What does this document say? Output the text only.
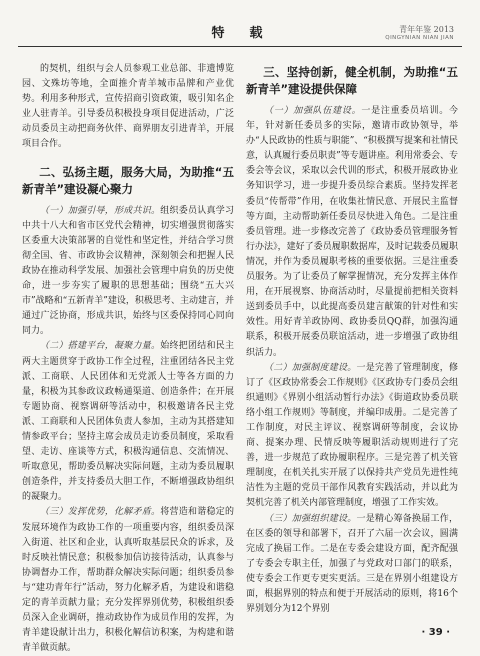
特　载	青年年鉴 2013
QINGYNIAN NIAN JIAN

的契机，组织与会人员参观工业总部、非遗博览园、文殊坊等地，全面推介青羊城市品牌和产业优势。利用多种形式，宣传招商引资政策，吸引知名企业人驻青羊。引导委员积极投身项目促进活动，广泛动员委员主动把商务伙伴、商界朋友引进青羊，开展项目合作。

二、弘扬主题，服务大局，为助推“五新青羊”建设凝心聚力

（一）加强引导，形成共识。组织委员认真学习中共十八大和省市区党代会精神，切实增强贯彻落实区委重大决策部署的自觉性和坚定性，并结合学习贯彻全国、省、市政协会议精神，深刻领会和把握人民政协在推动科学发展、加强社会管理中肩负的历史使命，进一步夯实了履职的思想基础；围绕“五大兴市”战略和“五新青羊”建设，积极思考、主动建言，并通过广泛协商，形成共识，始终与区委保持同心同向同力。

（二）搭建平台，凝聚力量。始终把团结和民主两大主题贯穿于政协工作全过程，注重团结各民主党派、工商联、人民团体和无党派人士等各方面的力量，积极为其参政议政畅通渠道、创造条件；在开展专题协商、视察调研等活动中，积极邀请各民主党派、工商联和人民团体负责人参加，主动为其搭建知情参政平台；坚持主席会成员走访委员制度，采取看望、走访、座谈等方式，积极沟通信息、交流情况、听取意见，帮助委员解决实际问题，主动为委员履职创造条件，并支持委员大胆工作，不断增强政协组织的凝聚力。

（三）发挥优势，化解矛盾。将营造和谐稳定的发展环境作为政协工作的一项重要内容，组织委员深入街道、社区和企业，认真听取基层民众的诉求，及时反映社情民意；积极参加信访接待活动，认真参与协调督办工作，帮助群众解决实际问题；组织委员参与“建功青年行”活动，努力化解矛盾，为建设和谐稳定的青羊贡献力量；充分发挥界别优势，积极组织委员深入企业调研，推动政协作为成员作用的发挥，为青羊建设献计出力，积极化解信访积案，为构建和谐青羊做贡献。

三、坚持创新，健全机制，为助推“五新青羊”建设提供保障

（一）加强队伍建设。一是注重委员培训。今年，针对新任委员多的实际，邀请市政协领导，举办“人民政协的性质与职能”、“积极撰写提案和社情民意，认真履行委员职责”等专题讲座。利用常委会、专委会等会议，采取以会代训的形式，积极开展政协业务知识学习，进一步提升委员综合素质。坚持发挥老委员“传帮带”作用，在收集社情民意、开展民主监督等方面，主动帮助新任委员尽快进入角色。二是注重委员管理。进一步修改完善了《政协委员管理服务暂行办法》，建好了委员履职数据库，及时记载委员履职情况，并作为委员履职考核的重要依据。三是注重委员服务。为了让委员了解掌握情况，充分发挥主体作用，在开展视察、协商活动时，尽量提前把相关资料送到委员手中，以此提高委员建言献策的针对性和实效性。用好青羊政协网、政协委员QQ群，加强沟通联系，积极开展委员联谊活动，进一步增强了政协组织活力。

（二）加强制度建设。一是完善了管理制度，修订了《区政协常委会工作规则》《区政协专门委员会组织通则》《界别小组活动暂行办法》《街道政协委员联络小组工作规则》等制度，并编印成册。二是完善了工作制度，对民主评议、视察调研等制度，会议协商、提案办理、民情反映等履职活动规则进行了完善，进一步规范了政协履职程序。三是完善了机关管理制度，在机关扎实开展了以保持共产党员先进性纯洁性为主题的党员干部作风教育实践活动，并以此为契机完善了机关内部管理制度，增强了工作实效。

（三）加强组织建设。一是精心筹备换届工作，在区委的领导和部署下，召开了六届一次会议，圆满完成了换届工作。二是在专委会建设方面，配齐配强了专委会专职主任，加强了与党政对口部门的联系，使专委会工作更专更实更活。三是在界别小组建设方面，根据界别的特点和便于开展活动的原则，将16个界别划分为12个界别

· 39 ·
